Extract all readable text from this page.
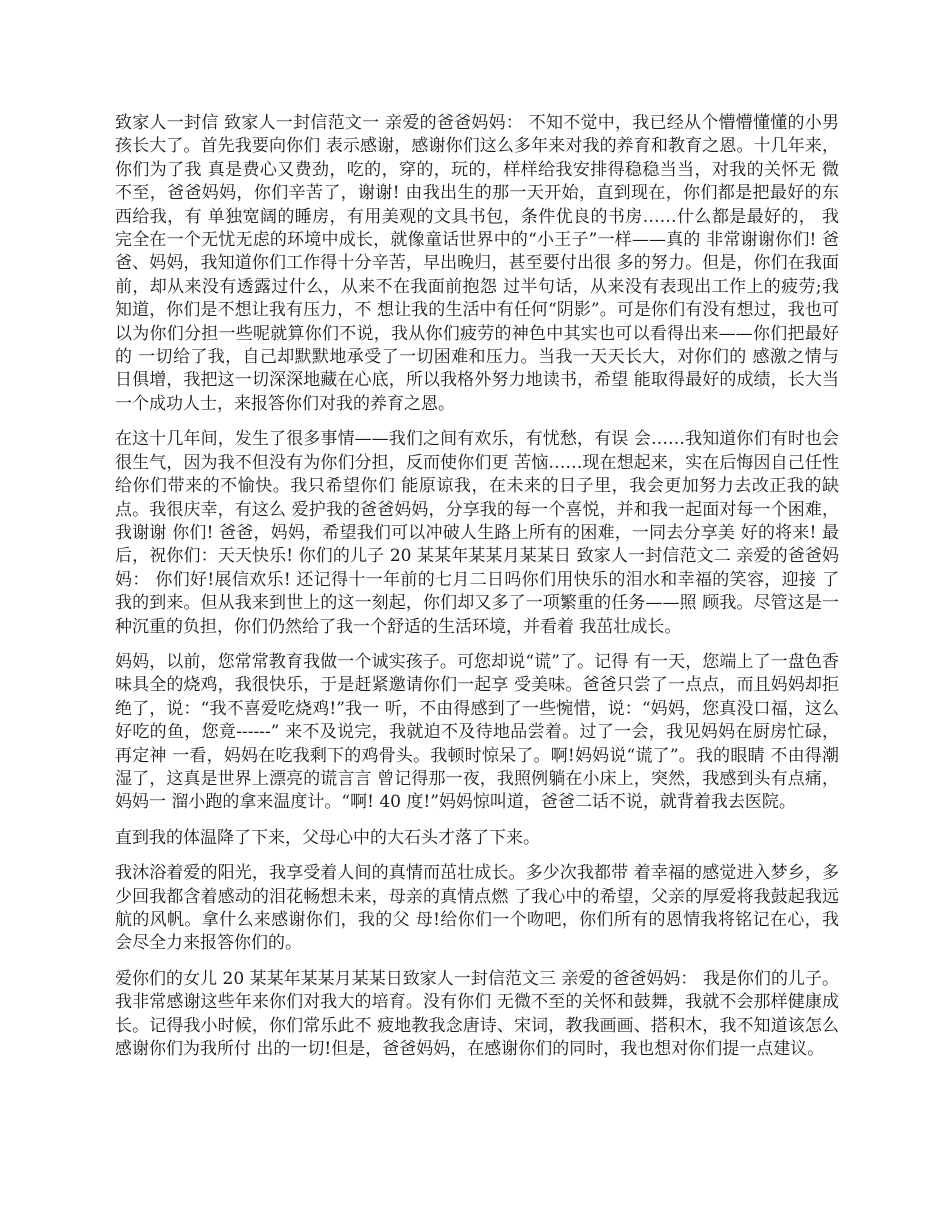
致家人一封信 致家人一封信范文一 亲爱的爸爸妈妈： 不知不觉中，我已经从个懵懵懂懂的小男孩长大了。首先我要向你们 表示感谢，感谢你们这么多年来对我的养育和教育之恩。十几年来，你们为了我 真是费心又费劲，吃的，穿的，玩的，样样给我安排得稳稳当当，对我的关怀无 微不至，爸爸妈妈，你们辛苦了，谢谢! 由我出生的那一天开始，直到现在，你们都是把最好的东西给我，有 单独宽阔的睡房，有用美观的文具书包，条件优良的书房……什么都是最好的， 我完全在一个无忧无虑的环境中成长，就像童话世界中的“小王子”一样——真的 非常谢谢你们! 爸爸、妈妈，我知道你们工作得十分辛苦，早出晚归，甚至要付出很 多的努力。但是，你们在我面前，却从来没有透露过什么，从来不在我面前抱怨 过半句话，从来没有表现出工作上的疲劳;我知道，你们是不想让我有压力，不 想让我的生活中有任何“阴影”。可是你们有没有想过，我也可以为你们分担一些呢就算你们不说，我从你们疲劳的神色中其实也可以看得出来——你们把最好的 一切给了我，自己却默默地承受了一切困难和压力。当我一天天长大，对你们的 感激之情与日俱增，我把这一切深深地藏在心底，所以我格外努力地读书，希望 能取得最好的成绩，长大当一个成功人士，来报答你们对我的养育之恩。

在这十几年间，发生了很多事情——我们之间有欢乐，有忧愁，有误 会……我知道你们有时也会很生气，因为我不但没有为你们分担，反而使你们更 苦恼……现在想起来，实在后悔因自己任性给你们带来的不愉快。我只希望你们 能原谅我，在未来的日子里，我会更加努力去改正我的缺点。我很庆幸，有这么 爱护我的爸爸妈妈，分享我的每一个喜悦，并和我一起面对每一个困难，我谢谢 你们! 爸爸，妈妈，希望我们可以冲破人生路上所有的困难，一同去分享美 好的将来! 最后，祝你们：天天快乐! 你们的儿子 20 某某年某某月某某日 致家人一封信范文二 亲爱的爸爸妈妈： 你们好!展信欢乐! 还记得十一年前的七月二日吗你们用快乐的泪水和幸福的笑容，迎接 了我的到来。但从我来到世上的这一刻起，你们却又多了一项繁重的任务——照 顾我。尽管这是一种沉重的负担，你们仍然给了我一个舒适的生活环境，并看着 我茁壮成长。

妈妈，以前，您常常教育我做一个诚实孩子。可您却说“谎”了。记得 有一天，您端上了一盘色香味具全的烧鸡，我很快乐，于是赶紧邀请你们一起享 受美味。爸爸只尝了一点点，而且妈妈却拒绝了，说：“我不喜爱吃烧鸡!”我一 听，不由得感到了一些惋惜，说：“妈妈，您真没口福，这么好吃的鱼，您竟------” 来不及说完，我就迫不及待地品尝着。过了一会，我见妈妈在厨房忙碌，再定神 一看，妈妈在吃我剩下的鸡骨头。我顿时惊呆了。啊!妈妈说“谎了”。我的眼睛 不由得潮湿了，这真是世界上漂亮的谎言言 曾记得那一夜，我照例躺在小床上，突然，我感到头有点痛，妈妈一 溜小跑的拿来温度计。“啊! 40 度!”妈妈惊叫道，爸爸二话不说，就背着我去医院。

直到我的体温降了下来，父母心中的大石头才落了下来。

我沐浴着爱的阳光，我享受着人间的真情而茁壮成长。多少次我都带 着幸福的感觉进入梦乡，多少回我都含着感动的泪花畅想未来，母亲的真情点燃 了我心中的希望，父亲的厚爱将我鼓起我远航的风帆。拿什么来感谢你们，我的父 母!给你们一个吻吧，你们所有的恩情我将铭记在心，我会尽全力来报答你们的。

爱你们的女儿 20 某某年某某月某某日致家人一封信范文三 亲爱的爸爸妈妈： 我是你们的儿子。我非常感谢这些年来你们对我大的培育。没有你们 无微不至的关怀和鼓舞，我就不会那样健康成长。记得我小时候，你们常乐此不 疲地教我念唐诗、宋词，教我画画、搭积木，我不知道该怎么感谢你们为我所付 出的一切!但是，爸爸妈妈，在感谢你们的同时，我也想对你们提一点建议。
